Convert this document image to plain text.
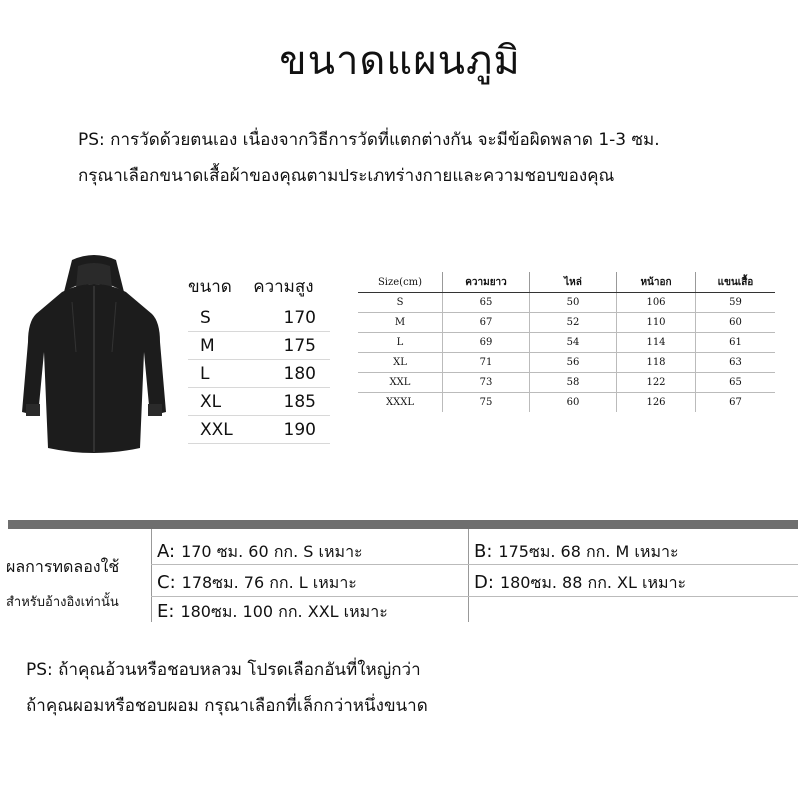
ขนาดแผนภูมิ
PS: การวัดด้วยตนเอง เนื่องจากวิธีการวัดที่แตกต่างกัน จะมีข้อผิดพลาด 1-3 ซม.
กรุณาเลือกขนาดเสื้อผ้าของคุณตามประเภทร่างกายและความชอบของคุณ
ขนาด	ความสูง
S	170
M	175
L	180
XL	185
XXL	190
Size(cm)	ความยาว	ไหล่	หน้าอก	แขนเสื้อ
S	65	50	106	59
M	67	52	110	60
L	69	54	114	61
XL	71	56	118	63
XXL	73	58	122	65
XXXL	75	60	126	67
ผลการทดลองใช้
สำหรับอ้างอิงเท่านั้น
A: 170 ซม. 60 กก. S เหมาะ	B: 175ซม. 68 กก. M เหมาะ
C: 178ซม. 76 กก. L เหมาะ	D: 180ซม. 88 กก. XL เหมาะ
E: 180ซม. 100 กก. XXL เหมาะ
PS: ถ้าคุณอ้วนหรือชอบหลวม โปรดเลือกอันที่ใหญ่กว่า
ถ้าคุณผอมหรือชอบผอม กรุณาเลือกที่เล็กกว่าหนึ่งขนาด
